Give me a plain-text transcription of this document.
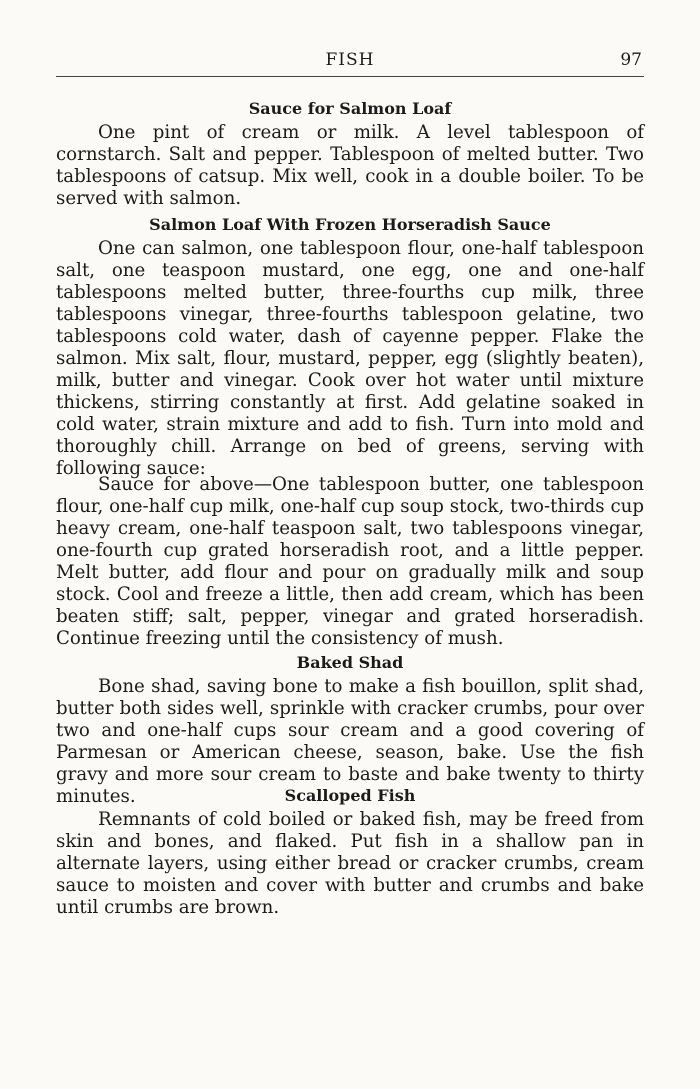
FISH	97
Sauce for Salmon Loaf

One pint of cream or milk. A level tablespoon of cornstarch. Salt and pepper. Tablespoon of melted butter. Two tablespoons of catsup. Mix well, cook in a double boiler. To be served with salmon.

Salmon Loaf With Frozen Horseradish Sauce

One can salmon, one tablespoon flour, one-half tablespoon salt, one teaspoon mustard, one egg, one and one-half tablespoons melted butter, three-fourths cup milk, three tablespoons vinegar, three-fourths tablespoon gelatine, two tablespoons cold water, dash of cayenne pepper. Flake the salmon. Mix salt, flour, mustard, pepper, egg (slightly beaten), milk, butter and vinegar. Cook over hot water until mixture thickens, stirring constantly at first. Add gelatine soaked in cold water, strain mixture and add to fish. Turn into mold and thoroughly chill. Arrange on bed of greens, serving with following sauce:

Sauce for above—One tablespoon butter, one tablespoon flour, one-half cup milk, one-half cup soup stock, two-thirds cup heavy cream, one-half teaspoon salt, two tablespoons vinegar, one-fourth cup grated horseradish root, and a little pepper. Melt butter, add flour and pour on gradually milk and soup stock. Cool and freeze a little, then add cream, which has been beaten stiff; salt, pepper, vinegar and grated horseradish. Continue freezing until the consistency of mush.

Baked Shad

Bone shad, saving bone to make a fish bouillon, split shad, butter both sides well, sprinkle with cracker crumbs, pour over two and one-half cups sour cream and a good covering of Parmesan or American cheese, season, bake. Use the fish gravy and more sour cream to baste and bake twenty to thirty minutes.	Scalloped Fish

Remnants of cold boiled or baked fish, may be freed from skin and bones, and flaked. Put fish in a shallow pan in alternate layers, using either bread or cracker crumbs, cream sauce to moisten and cover with butter and crumbs and bake until crumbs are brown.
